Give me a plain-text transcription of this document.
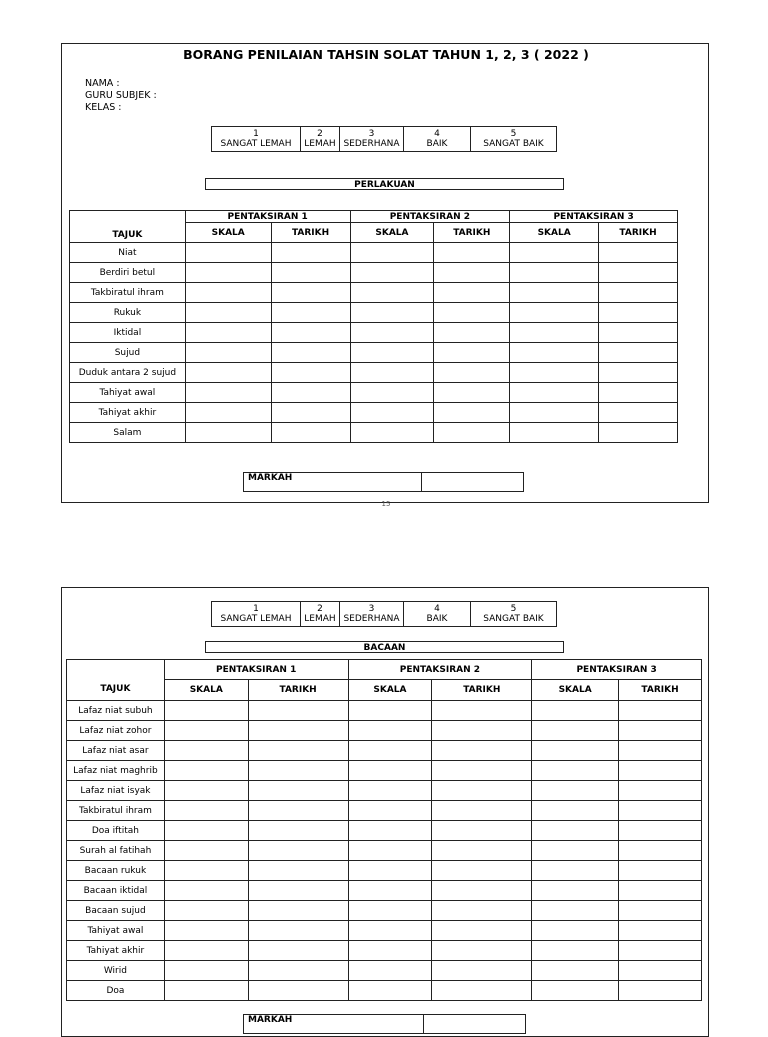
BORANG PENILAIAN TAHSIN SOLAT TAHUN 1, 2, 3 ( 2022 )
NAMA :
GURU SUBJEK :
KELAS :
1
SANGAT LEMAH

2
LEMAH

3
SEDERHANA

4
BAIK

5
SANGAT BAIK
PERLAKUAN
TAJUK	PENTAKSIRAN 1		PENTAKSIRAN 2		PENTAKSIRAN 3	
	SKALA	TARIKH	SKALA	TARIKH	SKALA	TARIKH
Niat						
Berdiri betul						
Takbiratul ihram						
Rukuk						
Iktidal						
Sujud						
Duduk antara 2 sujud						
Tahiyat awal						
Tahiyat akhir						
Salam						
MARKAH	
15
1
SANGAT LEMAH

2
LEMAH

3
SEDERHANA

4
BAIK

5
SANGAT BAIK
BACAAN
TAJUK	PENTAKSIRAN 1		PENTAKSIRAN 2		PENTAKSIRAN 3	
	SKALA	TARIKH	SKALA	TARIKH	SKALA	TARIKH
Lafaz niat subuh						
Lafaz niat zohor						
Lafaz niat asar						
Lafaz niat maghrib						
Lafaz niat isyak						
Takbiratul ihram						
Doa iftitah						
Surah al fatihah						
Bacaan rukuk						
Bacaan iktidal						
Bacaan sujud						
Tahiyat awal						
Tahiyat akhir						
Wirid						
Doa						
MARKAH	
